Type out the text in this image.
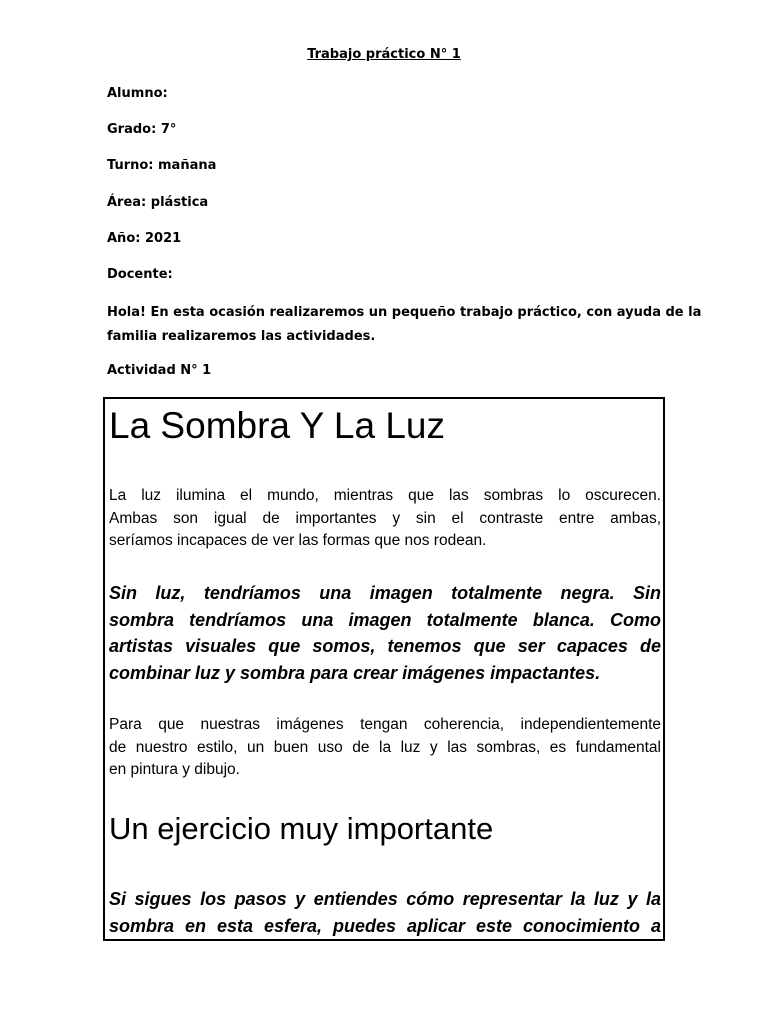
Trabajo práctico N° 1
Alumno:
Grado: 7°
Turno: mañana
Área: plástica
Año: 2021
Docente:
Hola! En esta ocasión realizaremos un pequeño trabajo práctico, con ayuda de la
familia realizaremos las actividades.
Actividad N° 1
La Sombra Y La Luz
La luz ilumina el mundo, mientras que las sombras lo oscurecen.
Ambas son igual de importantes y sin el contraste entre ambas,
seríamos incapaces de ver las formas que nos rodean.
Sin luz, tendríamos una imagen totalmente negra. Sin
sombra tendríamos una imagen totalmente blanca. Como
artistas visuales que somos, tenemos que ser capaces de
combinar luz y sombra para crear imágenes impactantes.
Para que nuestras imágenes tengan coherencia, independientemente
de nuestro estilo, un buen uso de la luz y las sombras, es fundamental
en pintura y dibujo.
Un ejercicio muy importante
Si sigues los pasos y entiendes cómo representar la luz y la
sombra en esta esfera, puedes aplicar este conocimiento a
